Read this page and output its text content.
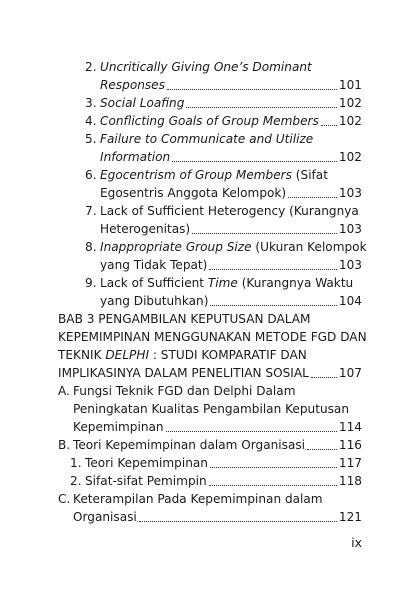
2. Uncritically Giving One’s Dominant
Responses	101
3. Social Loafing	102
4. Conflicting Goals of Group Members 102
5. Failure to Communicate and Utilize
Information	102
6. Egocentrism of Group Members (Sifat
Egosentris Anggota Kelompok)	103
7. Lack of Sufficient Heterogency (Kurangnya
Heterogenitas)	103
8. Inappropriate Group Size (Ukuran Kelompok
yang Tidak Tepat)	103
9. Lack of Sufficient Time (Kurangnya Waktu
yang Dibutuhkan)	104
BAB 3 PENGAMBILAN KEPUTUSAN DALAM
KEPEMIMPINAN MENGGUNAKAN METODE FGD DAN
TEKNIK DELPHI : STUDI KOMPARATIF DAN
IMPLIKASINYA DALAM PENELITIAN SOSIAL 107
A. Fungsi Teknik FGD dan Delphi Dalam
Peningkatan Kualitas Pengambilan Keputusan
Kepemimpinan	114
B. Teori Kepemimpinan dalam Organisasi	116
1. Teori Kepemimpinan	117
2. Sifat-sifat Pemimpin	118
C. Keterampilan Pada Kepemimpinan dalam
Organisasi	121
ix
